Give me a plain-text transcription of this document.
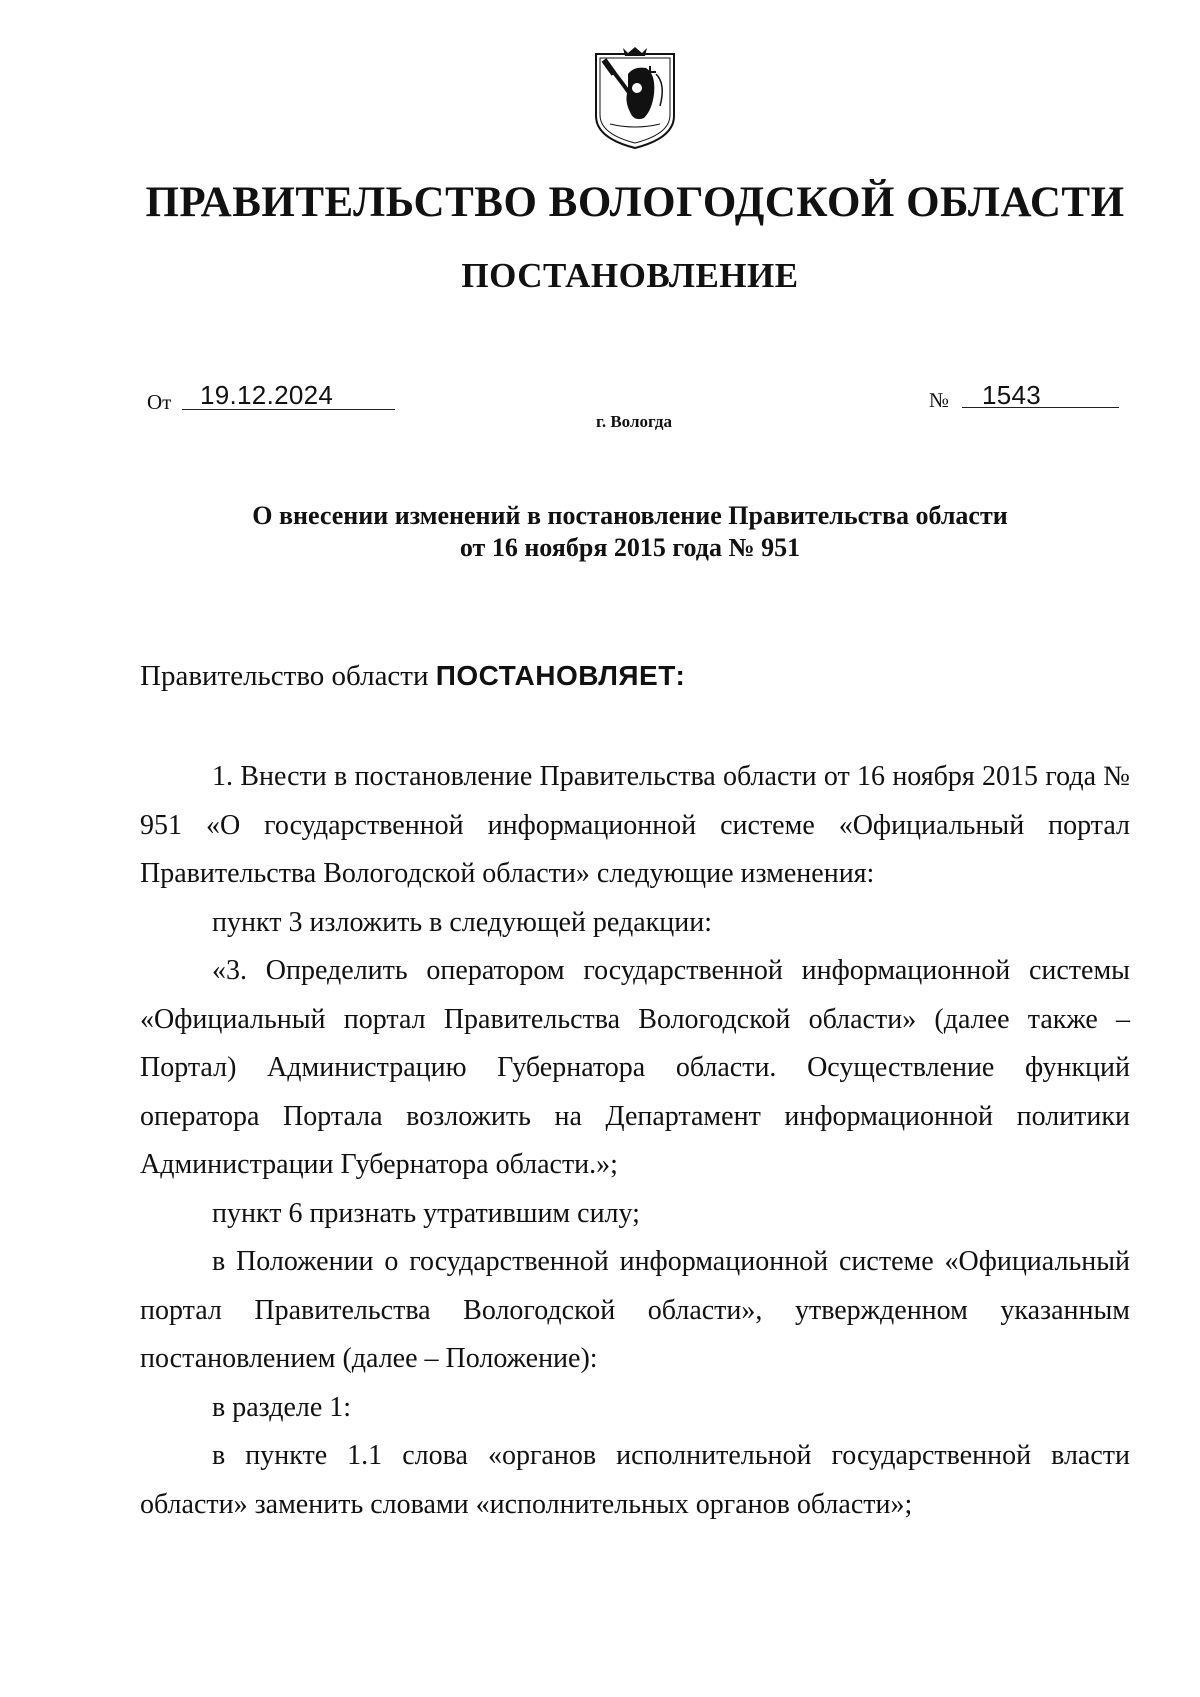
ПРАВИТЕЛЬСТВО ВОЛОГОДСКОЙ ОБЛАСТИ
ПОСТАНОВЛЕНИЕ
От 19.12.2024	№ 1543
г. Вологда
О внесении изменений в постановление Правительства области
от 16 ноября 2015 года № 951
Правительство области ПОСТАНОВЛЯЕТ:

1. Внести в постановление Правительства области от 16 ноября 2015 года № 951 «О государственной информационной системе «Официальный портал Правительства Вологодской области» следующие изменения:

пункт 3 изложить в следующей редакции:

«3. Определить оператором государственной информационной системы «Официальный портал Правительства Вологодской области» (далее также – Портал) Администрацию Губернатора области. Осуществление функций оператора Портала возложить на Департамент информационной политики Администрации Губернатора области.»;

пункт 6 признать утратившим силу;

в Положении о государственной информационной системе «Официальный портал Правительства Вологодской области», утвержденном указанным постановлением (далее – Положение):

в разделе 1:

в пункте 1.1 слова «органов исполнительной государственной власти области» заменить словами «исполнительных органов области»;
